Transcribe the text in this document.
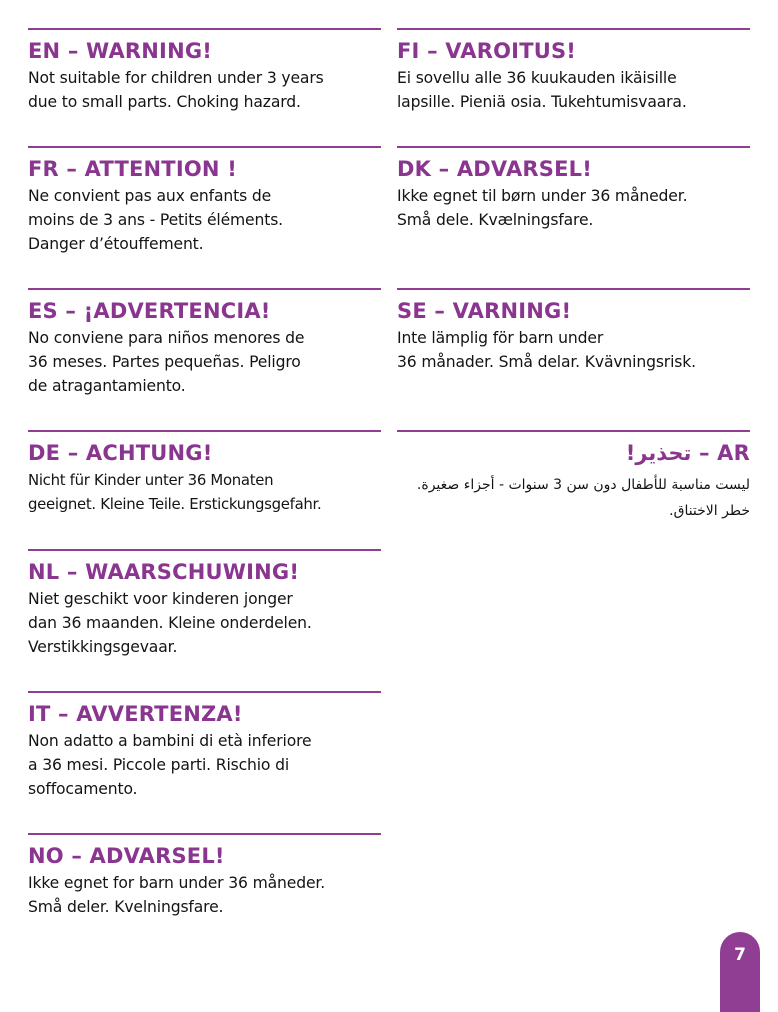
EN – WARNING!
Not suitable for children under 3 years
due to small parts. Choking hazard.
FR – ATTENTION !
Ne convient pas aux enfants de
moins de 3 ans - Petits éléments.
Danger d’étouffement.
ES – ¡ADVERTENCIA!
No conviene para niños menores de
36 meses. Partes pequeñas. Peligro
de atragantamiento.
DE – ACHTUNG!
Nicht für Kinder unter 36 Monaten
geeignet. Kleine Teile. Erstickungsgefahr.
NL – WAARSCHUWING!
Niet geschikt voor kinderen jonger
dan 36 maanden. Kleine onderdelen.
Verstikkingsgevaar.
IT – AVVERTENZA!
Non adatto a bambini di età inferiore
a 36 mesi. Piccole parti. Rischio di
soffocamento.
NO – ADVARSEL!
Ikke egnet for barn under 36 måneder.
Små deler. Kvelningsfare.
FI – VAROITUS!
Ei sovellu alle 36 kuukauden ikäisille
lapsille. Pieniä osia. Tukehtumisvaara.
DK – ADVARSEL!
Ikke egnet til børn under 36 måneder.
Små dele. Kvælningsfare.
SE – VARNING!
Inte lämplig för barn under
36 månader. Små delar. Kvävningsrisk.
AR – تحذير!
ليست مناسبة للأطفال دون سن 3 سنوات - أجزاء صغيرة.
خطر الاختناق.
7
